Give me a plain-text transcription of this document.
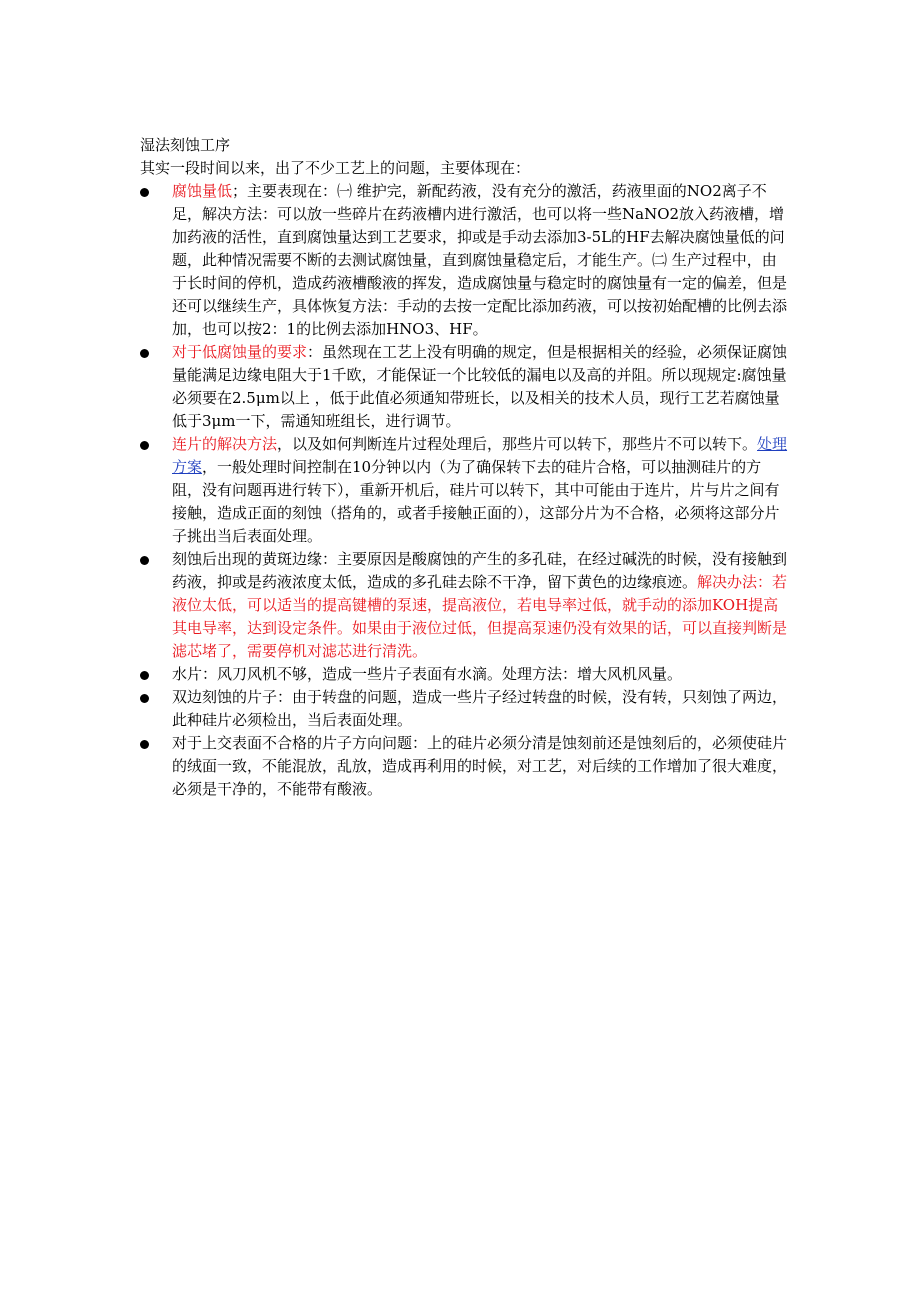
湿法刻蚀工序

其实一段时间以来，出了不少工艺上的问题，主要体现在：

腐蚀量低；主要表现在：㈠ 维护完，新配药液，没有充分的激活，药液里面的NO2离子不足，解决方法：可以放一些碎片在药液槽内进行激活，也可以将一些NaNO2放入药液槽，增加药液的活性，直到腐蚀量达到工艺要求，抑或是手动去添加3-5L的HF去解决腐蚀量低的问题，此种情况需要不断的去测试腐蚀量，直到腐蚀量稳定后，才能生产。㈡ 生产过程中，由于长时间的停机，造成药液槽酸液的挥发，造成腐蚀量与稳定时的腐蚀量有一定的偏差，但是还可以继续生产，具体恢复方法：手动的去按一定配比添加药液，可以按初始配槽的比例去添加，也可以按2：1的比例去添加HNO3、HF。
对于低腐蚀量的要求：虽然现在工艺上没有明确的规定，但是根据相关的经验，必须保证腐蚀量能满足边缘电阻大于1千欧，才能保证一个比较低的漏电以及高的并阻。所以现规定:腐蚀量必须要在2.5μm以上 ，低于此值必须通知带班长，以及相关的技术人员，现行工艺若腐蚀量低于3μm一下，需通知班组长，进行调节。
连片的解决方法，以及如何判断连片过程处理后，那些片可以转下，那些片不可以转下。处理方案，一般处理时间控制在10分钟以内（为了确保转下去的硅片合格，可以抽测硅片的方阻，没有问题再进行转下），重新开机后，硅片可以转下，其中可能由于连片，片与片之间有接触，造成正面的刻蚀（搭角的，或者手接触正面的），这部分片为不合格，必须将这部分片子挑出当后表面处理。
刻蚀后出现的黄斑边缘：主要原因是酸腐蚀的产生的多孔硅，在经过碱洗的时候，没有接触到药液，抑或是药液浓度太低，造成的多孔硅去除不干净，留下黄色的边缘痕迹。解决办法：若液位太低，可以适当的提高键槽的泵速，提高液位，若电导率过低，就手动的添加KOH提高其电导率，达到设定条件。如果由于液位过低，但提高泵速仍没有效果的话，可以直接判断是滤芯堵了，需要停机对滤芯进行清洗。
水片：风刀风机不够，造成一些片子表面有水滴。处理方法：增大风机风量。
双边刻蚀的片子：由于转盘的问题，造成一些片子经过转盘的时候，没有转，只刻蚀了两边，此种硅片必须检出，当后表面处理。
对于上交表面不合格的片子方向问题：上的硅片必须分清是蚀刻前还是蚀刻后的，必须使硅片的绒面一致，不能混放，乱放，造成再利用的时候，对工艺，对后续的工作增加了很大难度，必须是干净的，不能带有酸液。
